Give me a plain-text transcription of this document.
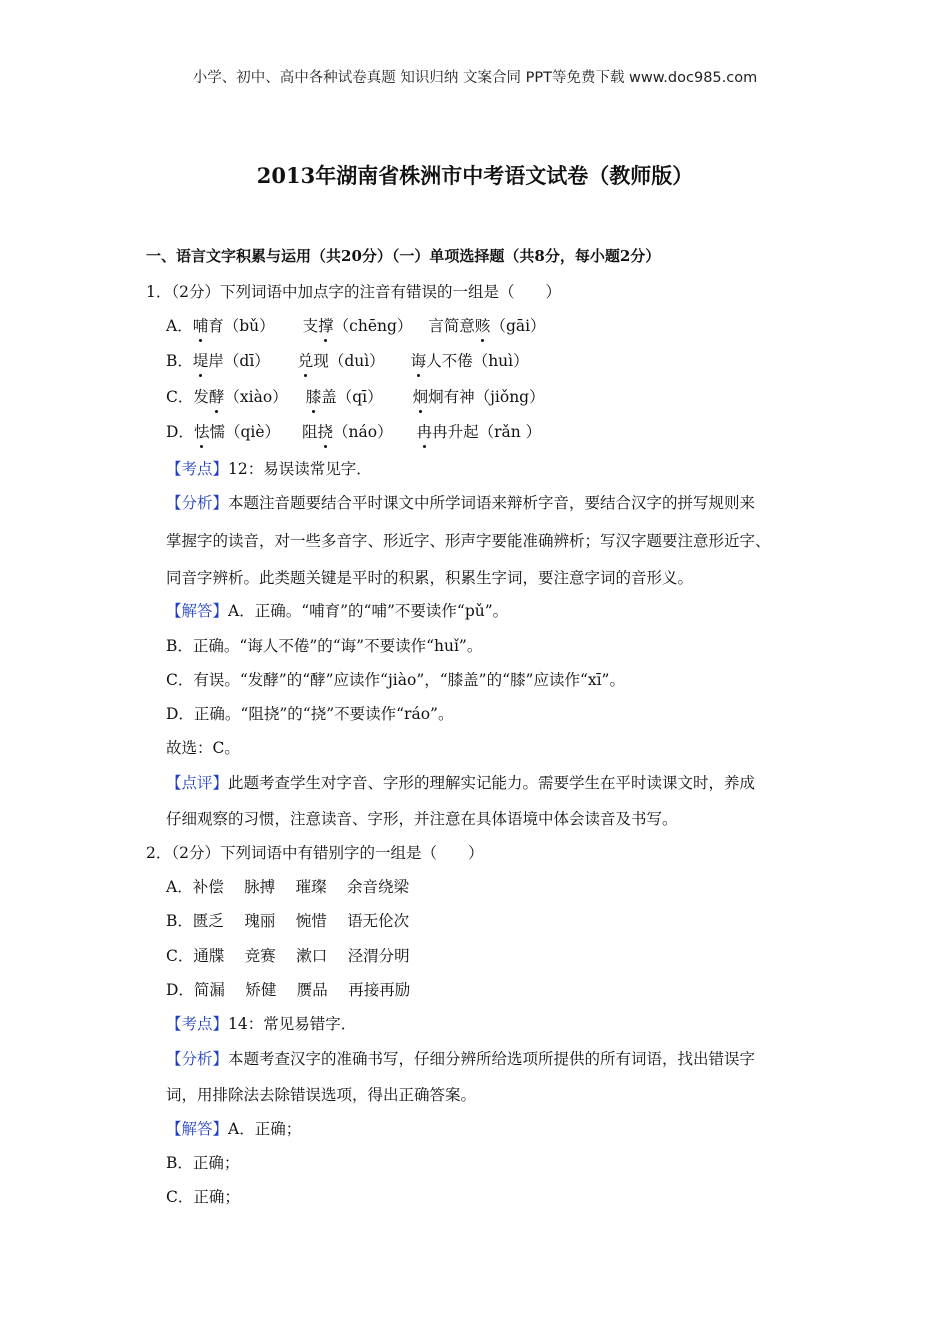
小学、初中、高中各种试卷真题 知识归纳 文案合同 PPT等免费下载 www.doc985.com
2013年湖南省株洲市中考语文试卷（教师版）
一、语言文字积累与运用（共20分）（一）单项选择题（共8分，每小题2分）
1．（2分）下列词语中加点字的注音有错误的一组是（　　）
A．哺育（bǔ） 支撑（chēng） 言简意赅（gāi）
B．堤岸（dī） 兑现（duì） 诲人不倦（huì）
C．发酵（xiào） 膝盖（qī） 炯炯有神（jiǒng）
D．怯懦（qiè） 阻挠（náo） 冉冉升起（rǎn ）
【考点】12：易误读常见字．
【分析】本题注音题要结合平时课文中所学词语来辩析字音，要结合汉字的拼写规则来
掌握字的读音，对一些多音字、形近字、形声字要能准确辨析；写汉字题要注意形近字、
同音字辨析。此类题关键是平时的积累，积累生字词，要注意字词的音形义。
【解答】A．正确。“哺育”的“哺”不要读作“pǔ”。
B．正确。“诲人不倦”的“诲”不要读作“huǐ”。
C．有误。“发酵”的“酵”应读作“jiào”，“膝盖”的“膝”应读作“xī”。
D．正确。“阻挠”的“挠”不要读作“ráo”。
故选：C。
【点评】此题考查学生对字音、字形的理解实记能力。需要学生在平时读课文时，养成
仔细观察的习惯，注意读音、字形，并注意在具体语境中体会读音及书写。
2．（2分）下列词语中有错别字的一组是（　　）
A．补偿　 脉搏　 璀璨　 余音绕梁
B．匮乏　 瑰丽　 惋惜　 语无伦次
C．通牒　 竞赛　 漱口　 泾渭分明
D．简漏　 矫健　 赝品　 再接再励
【考点】14：常见易错字．
【分析】本题考查汉字的准确书写，仔细分辨所给选项所提供的所有词语，找出错误字
词，用排除法去除错误选项，得出正确答案。
【解答】A．正确；
B．正确；
C．正确；
